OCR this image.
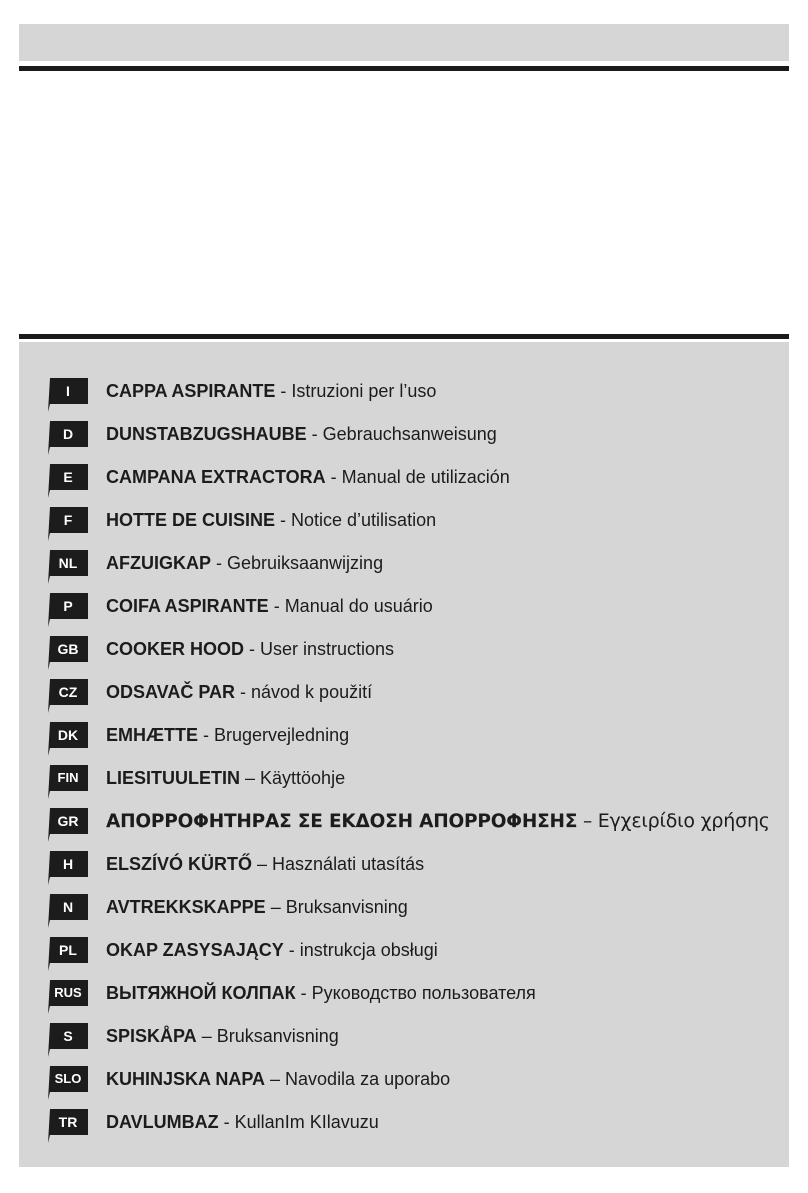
I	CAPPA ASPIRANTE - Istruzioni per l’uso
D	DUNSTABZUGSHAUBE - Gebrauchsanweisung
E	CAMPANA EXTRACTORA - Manual de utilización
F	HOTTE DE CUISINE - Notice d’utilisation
NL	AFZUIGKAP - Gebruiksaanwijzing
P	COIFA ASPIRANTE - Manual do usuário
GB	COOKER HOOD - User instructions
CZ	ODSAVAČ PAR - návod k použití
DK	EMHÆTTE - Brugervejledning
FIN	LIESITUULETIN – Käyttöohje
GR	ΑΠΟΡΡΟΦΗΤΗΡΑΣ ΣΕ ΕΚΔΟΣΗ ΑΠΟΡΡΟΦΗΣΗΣ – Εγχειρίδιο χρήσης
H	ELSZÍVÓ KÜRTŐ – Használati utasítás
N	AVTREKKSKAPPE – Bruksanvisning
PL	OKAP ZASYSAJĄCY - instrukcja obsługi
RUS	ВЫТЯЖНОЙ КОЛПАК - Руководство пользователя
S	SPISKÅPA – Bruksanvisning
SLO	KUHINJSKA NAPA – Navodila za uporabo
TR	DAVLUMBAZ - KullanIm KIlavuzu
